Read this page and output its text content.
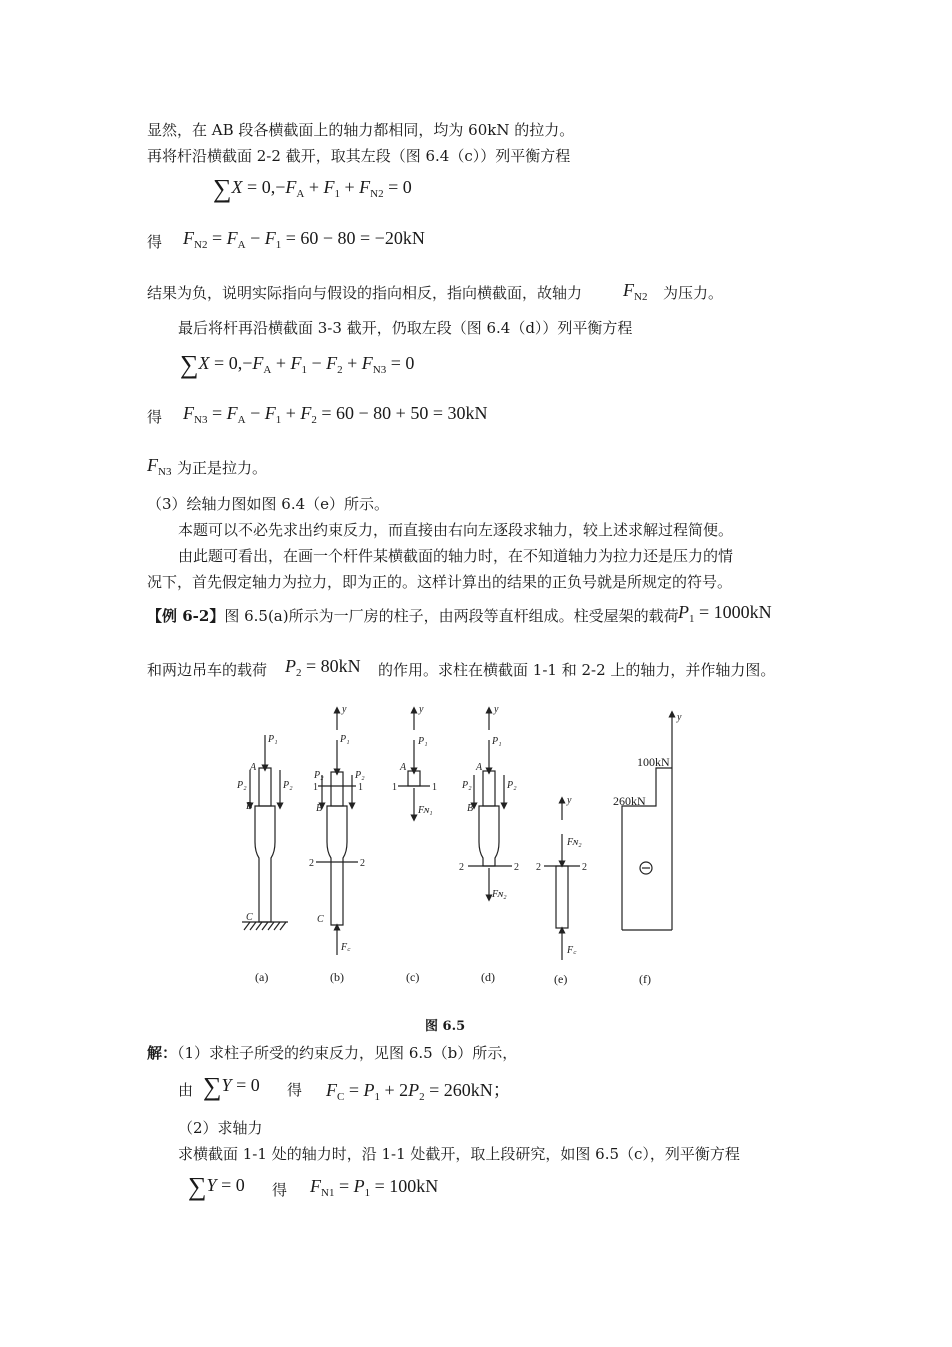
显然，在 AB 段各横截面上的轴力都相同，均为 60kN 的拉力。
再将杆沿横截面 2-2 截开，取其左段（图 6.4（c））列平衡方程
$\sum X = 0,-F_A + F_1 + F_{N2} = 0$
得 $F_{N2} = F_A - F_1 = 60 - 80 = -20kN$
结果为负，说明实际指向与假设的指向相反，指向横截面，故轴力 $F_{N2}$ 为压力。
最后将杆再沿横截面 3-3 截开，仍取左段（图 6.4（d））列平衡方程
$\sum X = 0,-F_A + F_1 - F_2 + F_{N3} = 0$
得 $F_{N3} = F_A - F_1 + F_2 = 60 - 80 + 50 = 30kN$
$F_{N3}$ 为正是拉力。
（3）绘轴力图如图 6.4（e）所示。
本题可以不必先求出约束反力，而直接由右向左逐段求轴力，较上述求解过程简便。
由此题可看出，在画一个杆件某横截面的轴力时，在不知道轴力为拉力还是压力的情
况下，首先假定轴力为拉力，即为正的。这样计算出的结果的正负号就是所规定的符号。
【例 6-2】图 6.5(a)所示为一厂房的柱子，由两段等直杆组成。柱受屋架的载荷 $P_1 = 1000kN$
和两边吊车的载荷 $P_2 = 80kN$ 的作用。求柱在横截面 1-1 和 2-2 上的轴力，并作轴力图。
P₁
A
P₂	P₂
B
C
y
P₁
P₂	P₂
1	1
B
2	2
C
F꜀
y
P₁
A
1	1
Fɴ₁
y
P₁
A
P₂	P₂
B
2	2
Fɴ₂
y
Fɴ₂
2	2
F꜀
y
100kN
260kN
(a)	(b)	(c)	(d)	(e)	(f)
图 6.5
解：（1）求柱子所受的约束反力，见图 6.5（b）所示，
由 ∑Y = 0 得 $F_C = P_1 + 2P_2 = 260kN$；
（2）求轴力
求横截面 1-1 处的轴力时，沿 1-1 处截开，取上段研究，如图 6.5（c），列平衡方程
∑Y = 0 得 $F_{N1} = P_1 = 100kN$
